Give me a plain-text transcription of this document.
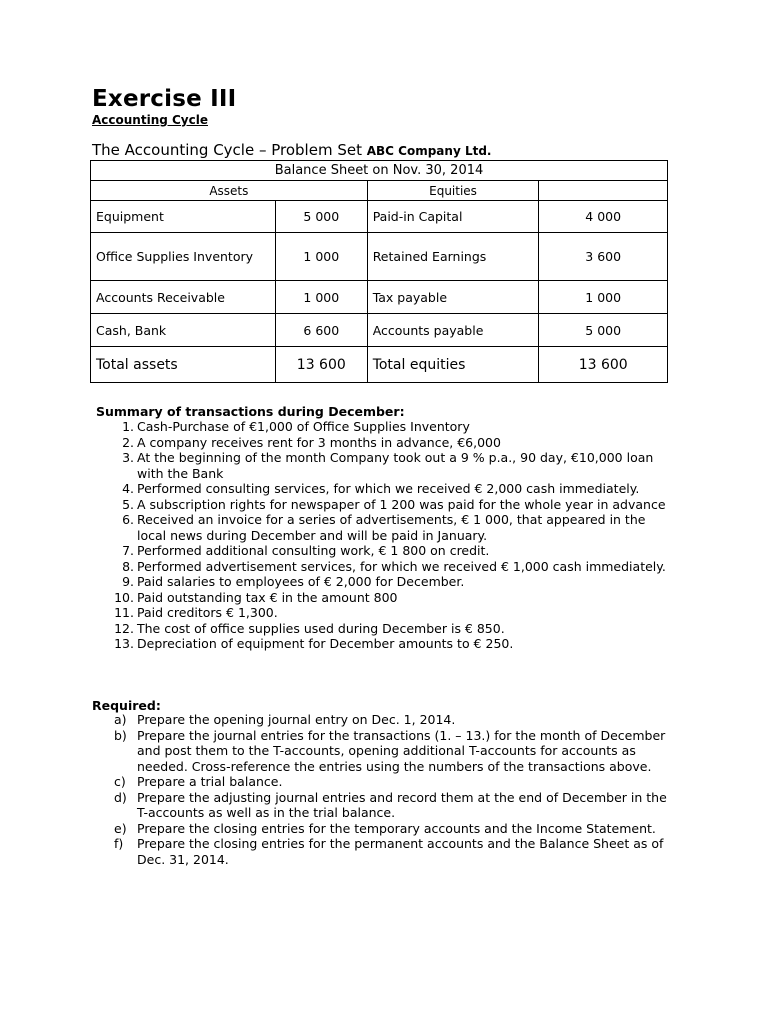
Exercise III
Accounting Cycle
The Accounting Cycle – Problem Set ABC Company Ltd.
Balance Sheet on Nov. 30, 2014			
Assets		Equities	
Equipment	5 000	Paid-in Capital	4 000
Office Supplies Inventory	1 000	Retained Earnings	3 600
Accounts Receivable	1 000	Tax payable	1 000
Cash, Bank	6 600	Accounts payable	5 000
Total assets	13 600	Total equities	13 600
Summary of transactions during December:
1. Cash-Purchase of €1,000 of Office Supplies Inventory
2. A company receives rent for 3 months in advance, €6,000
3. At the beginning of the month Company took out a 9 % p.a., 90 day, €10,000 loan with the Bank
4. Performed consulting services, for which we received € 2,000 cash immediately.
5. A subscription rights for newspaper of 1 200 was paid for the whole year in advance
6. Received an invoice for a series of advertisements, € 1 000, that appeared in the local news during December and will be paid in January.
7. Performed additional consulting work, € 1 800 on credit.
8. Performed advertisement services, for which we received € 1,000 cash immediately.
9. Paid salaries to employees of € 2,000 for December.
10. Paid outstanding tax € in the amount 800
11. Paid creditors € 1,300.
12. The cost of office supplies used during December is € 850.
13. Depreciation of equipment for December amounts to € 250.
Required:
a) Prepare the opening journal entry on Dec. 1, 2014.
b) Prepare the journal entries for the transactions (1. – 13.) for the month of December and post them to the T-accounts, opening additional T-accounts for accounts as needed. Cross-reference the entries using the numbers of the transactions above.
c) Prepare a trial balance.
d) Prepare the adjusting journal entries and record them at the end of December in the T-accounts as well as in the trial balance.
e) Prepare the closing entries for the temporary accounts and the Income Statement.
f)	Prepare the closing entries for the permanent accounts and the Balance Sheet as of Dec. 31, 2014.
